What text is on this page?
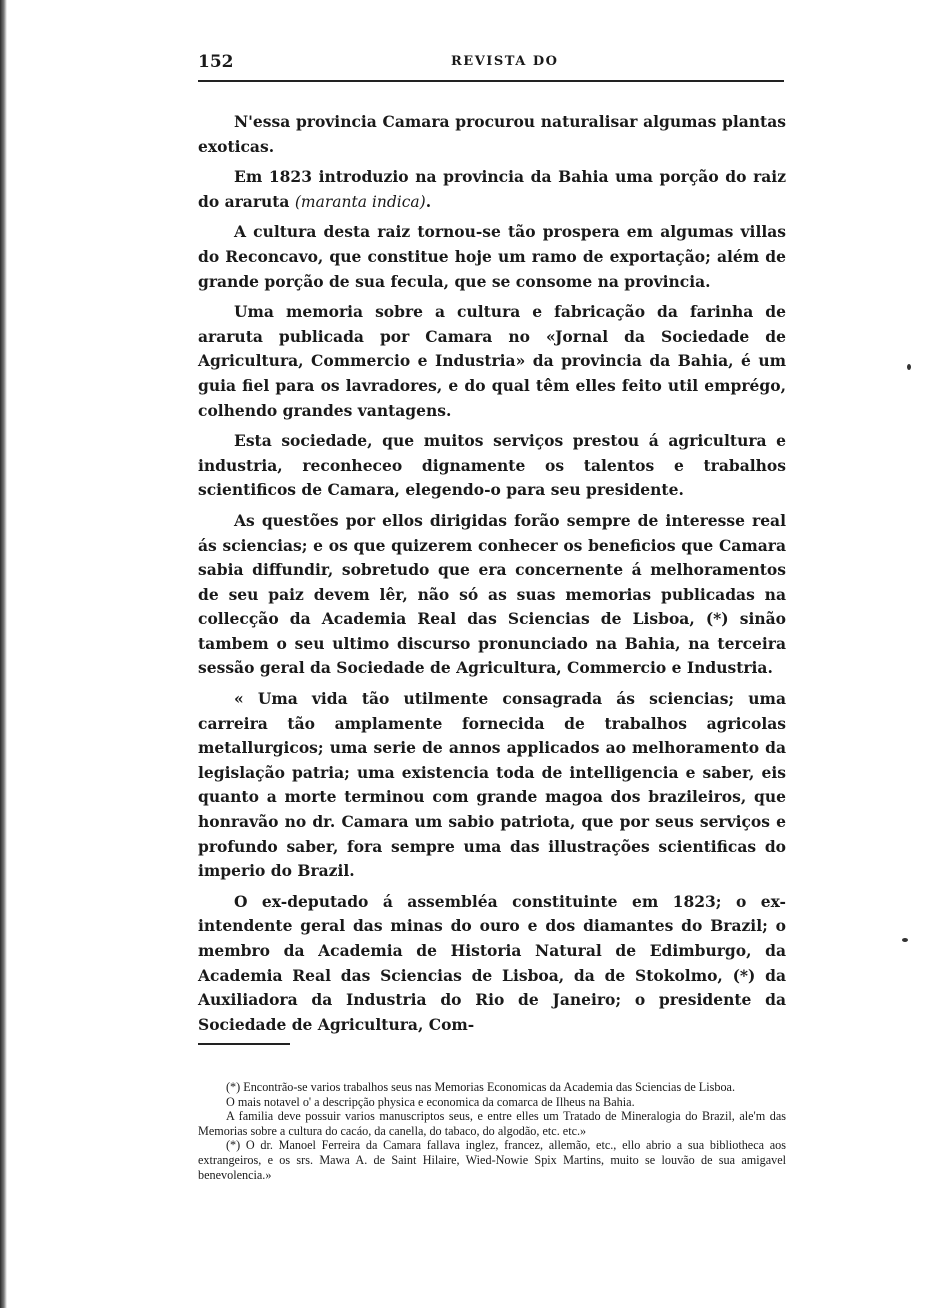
152	REVISTA DO

N'essa provincia Camara procurou naturalisar algumas plantas exoticas.

Em 1823 introduzio na provincia da Bahia uma porção do raiz do araruta (maranta indica).

A cultura desta raiz tornou-se tão prospera em algumas villas do Reconcavo, que constitue hoje um ramo de exportação; além de grande porção de sua fecula, que se consome na provincia.

Uma memoria sobre a cultura e fabricação da farinha de araruta publicada por Camara no «Jornal da Sociedade de Agricultura, Commercio e Industria» da provincia da Bahia, é um guia fiel para os lavradores, e do qual têm elles feito util emprégo, colhendo grandes vantagens.

Esta sociedade, que muitos serviços prestou á agricultura e industria, reconheceo dignamente os talentos e trabalhos scientificos de Camara, elegendo-o para seu presidente.

As questões por ellos dirigidas forão sempre de interesse real ás sciencias; e os que quizerem conhecer os beneficios que Camara sabia diffundir, sobretudo que era concernente á melhoramentos de seu paiz devem lêr, não só as suas memorias publicadas na collecção da Academia Real das Sciencias de Lisboa, (*) sinão tambem o seu ultimo discurso pronunciado na Bahia, na terceira sessão geral da Sociedade de Agricultura, Commercio e Industria.

« Uma vida tão utilmente consagrada ás sciencias; uma carreira tão amplamente fornecida de trabalhos agricolas metallurgicos; uma serie de annos applicados ao melhoramento da legislação patria; uma existencia toda de intelligencia e saber, eis quanto a morte terminou com grande magoa dos brazileiros, que honravão no dr. Camara um sabio patriota, que por seus serviços e profundo saber, fora sempre uma das illustrações scientificas do imperio do Brazil.

O ex-deputado á assembléa constituinte em 1823; o ex-intendente geral das minas do ouro e dos diamantes do Brazil; o membro da Academia de Historia Natural de Edimburgo, da Academia Real das Sciencias de Lisboa, da de Stokolmo, (*) da Auxiliadora da Industria do Rio de Janeiro; o presidente da Sociedade de Agricultura, Com-

(*) Encontrão-se varios trabalhos seus nas Memorias Economicas da Academia das Sciencias de Lisboa.

O mais notavel o' a descripção physica e economica da comarca de Ilheus na Bahia.

A familia deve possuir varios manuscriptos seus, e entre elles um Tratado de Mineralogia do Brazil, ale'm das Memorias sobre a cultura do cacáo, da canella, do tabaco, do algodão, etc. etc.»

(*) O dr. Manoel Ferreira da Camara fallava inglez, francez, allemão, etc., ello abrio a sua bibliotheca aos extrangeiros, e os srs. Mawa A. de Saint Hilaire, Wied-Nowie Spix Martins, muito se louvão de sua amigavel benevolencia.»
